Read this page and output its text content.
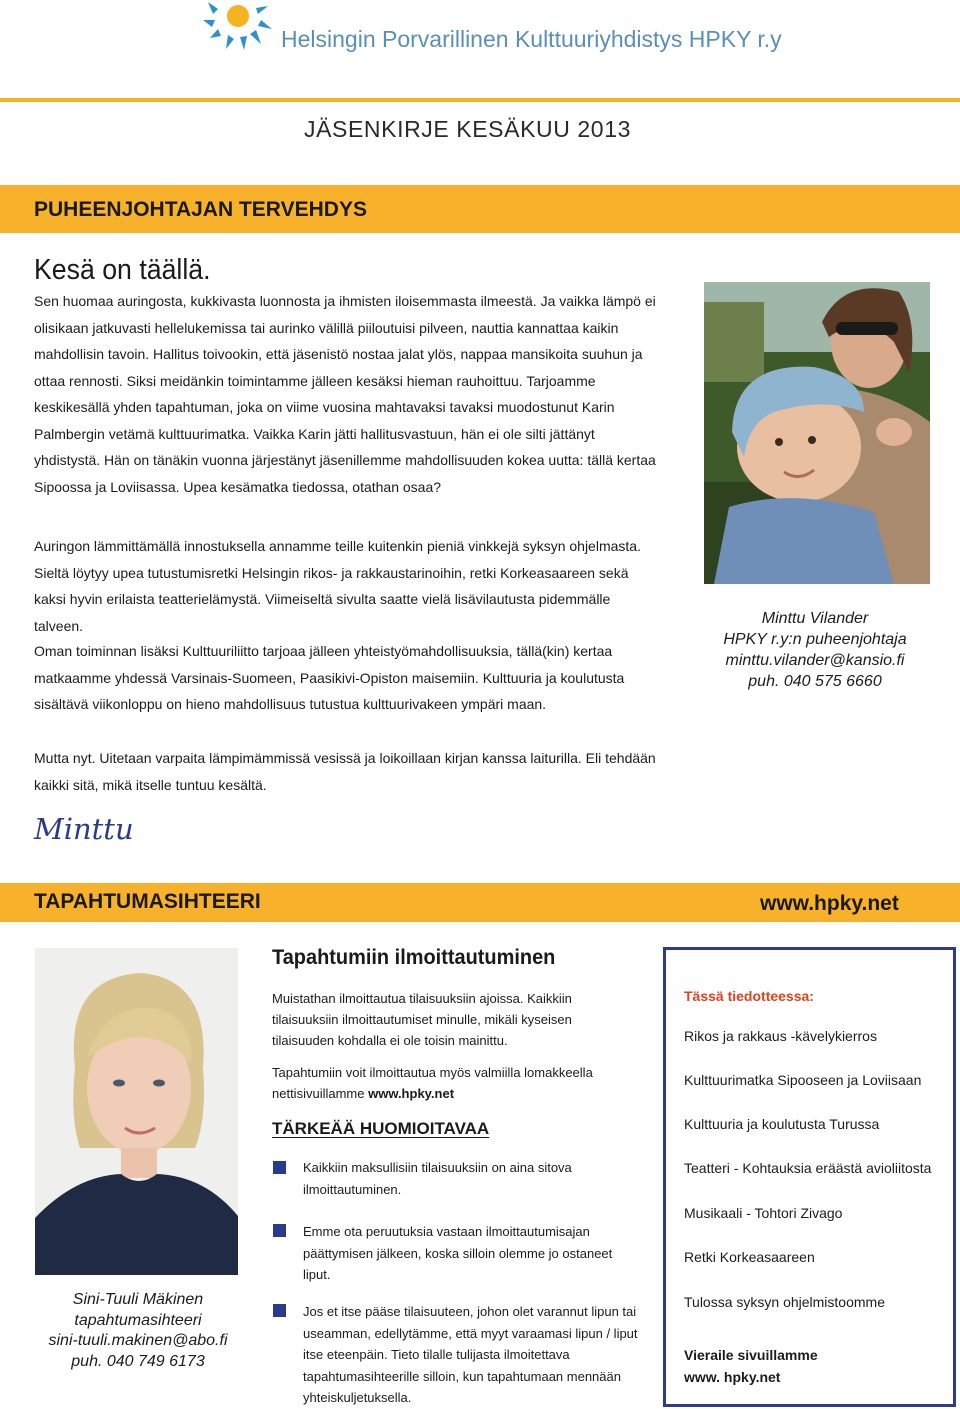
Helsingin Porvarillinen Kulttuuriyhdistys HPKY r.y
JÄSENKIRJE KESÄKUU 2013
PUHEENJOHTAJAN TERVEHDYS
Kesä on täällä.

Sen huomaa auringosta, kukkivasta luonnosta ja ihmisten iloisemmasta ilmeestä. Ja vaikka lämpö ei olisikaan jatkuvasti hellelukemissa tai aurinko välillä piiloutuisi pilveen, nauttia kannattaa kaikin mahdollisin tavoin. Hallitus toivookin, että jäsenistö nostaa jalat ylös, nappaa mansikoita suuhun ja ottaa rennosti. Siksi meidänkin toimintamme jälleen kesäksi hieman rauhoittuu. Tarjoamme keskikesällä yhden tapahtuman, joka on viime vuosina mahtavaksi tavaksi muodostunut Karin Palmbergin vetämä kulttuurimatka. Vaikka Karin jätti hallitusvastuun, hän ei ole silti jättänyt yhdistystä. Hän on tänäkin vuonna järjestänyt jäsenillemme mahdollisuuden kokea uutta: tällä kertaa Sipoossa ja Loviisassa. Upea kesämatka tiedossa, otathan osaa?

Auringon lämmittämällä innostuksella annamme teille kuitenkin pieniä vinkkejä syksyn ohjelmasta. Sieltä löytyy upea tutustumisretki Helsingin rikos- ja rakkaustarinoihin, retki Korkeasaareen sekä kaksi hyvin erilaista teatterielämystä. Viimeiseltä sivulta saatte vielä lisävilautusta pidemmälle talveen.

Oman toiminnan lisäksi Kulttuuriliitto tarjoaa jälleen yhteistyömahdollisuuksia, tällä(kin) kertaa matkaamme yhdessä Varsinais-Suomeen, Paasikivi-Opiston maisemiin. Kulttuuria ja koulutusta sisältävä viikonloppu on hieno mahdollisuus tutustua kulttuurivakeen ympäri maan.

Mutta nyt. Uitetaan varpaita lämpimämmissä vesissä ja loikoillaan kirjan kanssa laiturilla. Eli tehdään kaikki sitä, mikä itselle tuntuu kesältä.

Minttu Vilander
HPKY r.y:n puheenjohtaja
minttu.vilander@kansio.fi
puh. 040 575 6660
Minttu
TAPAHTUMASIHTEERI	www.hpky.net
Sini-Tuuli Mäkinen
tapahtumasihteeri
sini-tuuli.makinen@abo.fi
puh. 040 749 6173
Tapahtumiin ilmoittautuminen

Muistathan ilmoittautua tilaisuuksiin ajoissa. Kaikkiin tilaisuuksiin ilmoittautumiset minulle, mikäli kyseisen tilaisuuden kohdalla ei ole toisin mainittu.

Tapahtumiin voit ilmoittautua myös valmiilla lomakkeella nettisivuillamme www.hpky.net

TÄRKEÄÄ HUOMIOITAVAA

Kaikkiin maksullisiin tilaisuuksiin on aina sitova ilmoittautuminen.

Emme ota peruutuksia vastaan ilmoittautumisajan päättymisen jälkeen, koska silloin olemme jo ostaneet liput.

Jos et itse pääse tilaisuuteen, johon olet varannut lipun tai useamman, edellytämme, että myyt varaamasi lipun / liput itse eteenpäin. Tieto tilalle tulijasta ilmoitettava tapahtumasihteerille silloin, kun tapahtumaan mennään yhteiskuljetuksella.

Tässä tiedotteessa:
Rikos ja rakkaus -kävelykierros
Kulttuurimatka Sipooseen ja Loviisaan
Kulttuuria ja koulutusta Turussa
Teatteri - Kohtauksia eräästä avioliitosta
Musikaali - Tohtori Zivago
Retki Korkeasaareen
Tulossa syksyn ohjelmistoomme
Vieraile sivuillamme
www. hpky.net
